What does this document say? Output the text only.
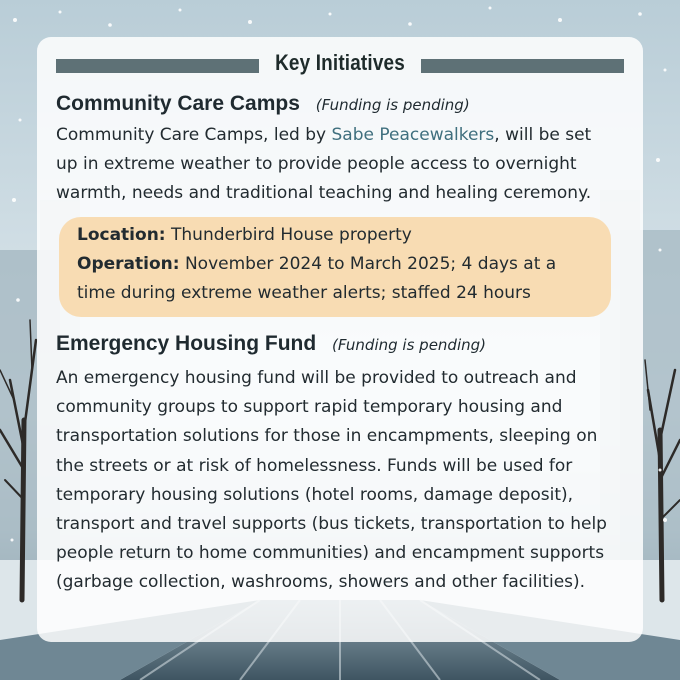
Key Initiatives
Community Care Camps (Funding is pending)
Community Care Camps, led by Sabe Peacewalkers, will be set
up in extreme weather to provide people access to overnight
warmth, needs and traditional teaching and healing ceremony.
Location: Thunderbird House property
Operation: November 2024 to March 2025; 4 days at a
time during extreme weather alerts; staffed 24 hours
Emergency Housing Fund (Funding is pending)
An emergency housing fund will be provided to outreach and
community groups to support rapid temporary housing and
transportation solutions for those in encampments, sleeping on
the streets or at risk of homelessness. Funds will be used for
temporary housing solutions (hotel rooms, damage deposit),
transport and travel supports (bus tickets, transportation to help
people return to home communities) and encampment supports
(garbage collection, washrooms, showers and other facilities).
